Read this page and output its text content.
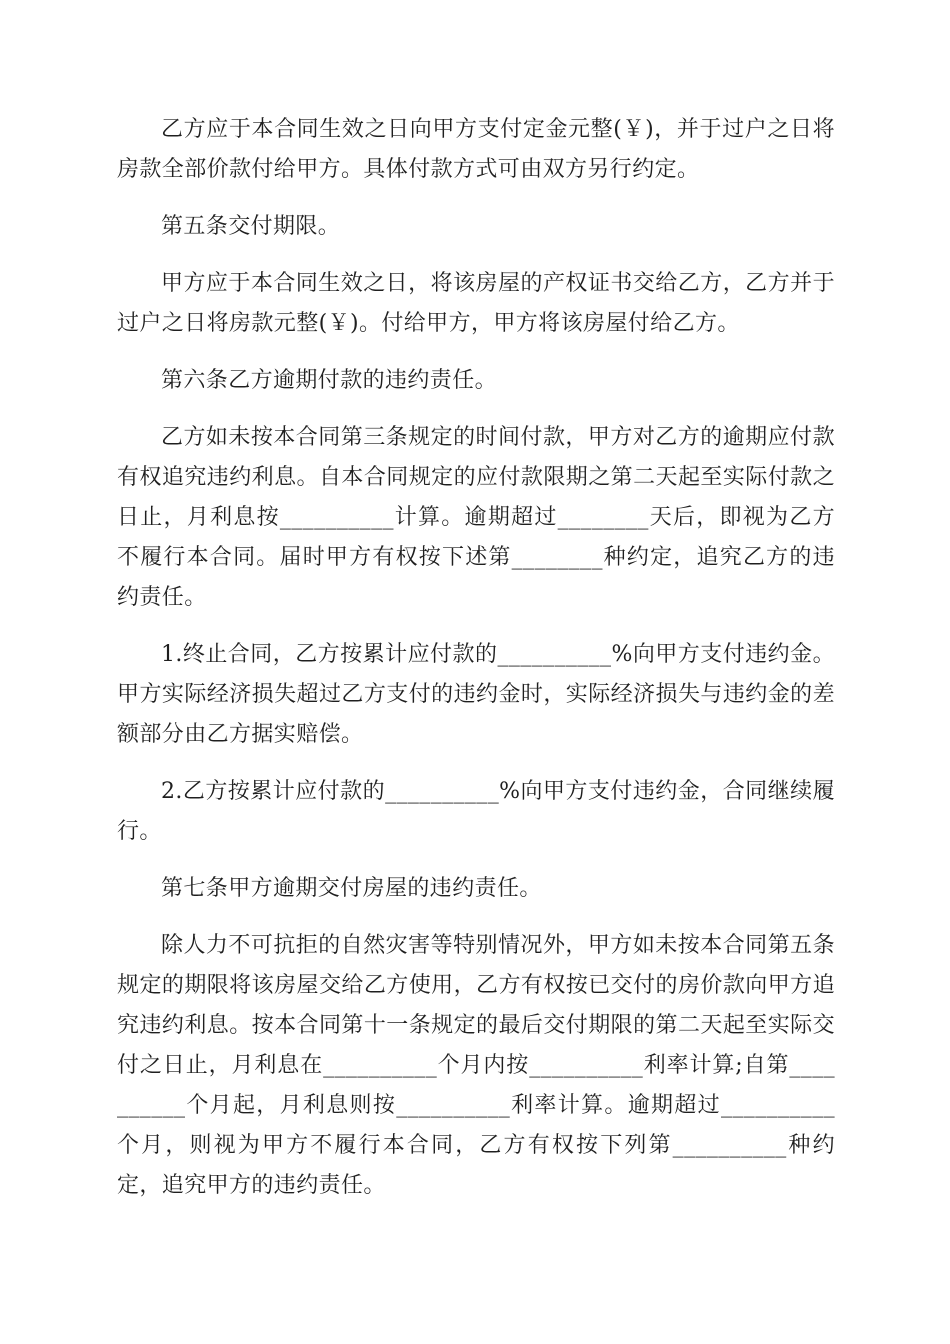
乙方应于本合同生效之日向甲方支付定金元整(￥)，并于过户之日将房款全部价款付给甲方。具体付款方式可由双方另行约定。

第五条交付期限。

甲方应于本合同生效之日，将该房屋的产权证书交给乙方，乙方并于过户之日将房款元整(￥)。付给甲方，甲方将该房屋付给乙方。

第六条乙方逾期付款的违约责任。

乙方如未按本合同第三条规定的时间付款，甲方对乙方的逾期应付款有权追究违约利息。自本合同规定的应付款限期之第二天起至实际付款之日止，月利息按__________计算。逾期超过________天后，即视为乙方不履行本合同。届时甲方有权按下述第________种约定，追究乙方的违约责任。

1.终止合同，乙方按累计应付款的__________%向甲方支付违约金。甲方实际经济损失超过乙方支付的违约金时，实际经济损失与违约金的差额部分由乙方据实赔偿。

2.乙方按累计应付款的__________%向甲方支付违约金，合同继续履行。

第七条甲方逾期交付房屋的违约责任。

除人力不可抗拒的自然灾害等特别情况外，甲方如未按本合同第五条规定的期限将该房屋交给乙方使用，乙方有权按已交付的房价款向甲方追究违约利息。按本合同第十一条规定的最后交付期限的第二天起至实际交付之日止，月利息在__________个月内按__________利率计算;自第__________个月起，月利息则按__________利率计算。逾期超过__________个月，则视为甲方不履行本合同，乙方有权按下列第__________种约定，追究甲方的违约责任。
